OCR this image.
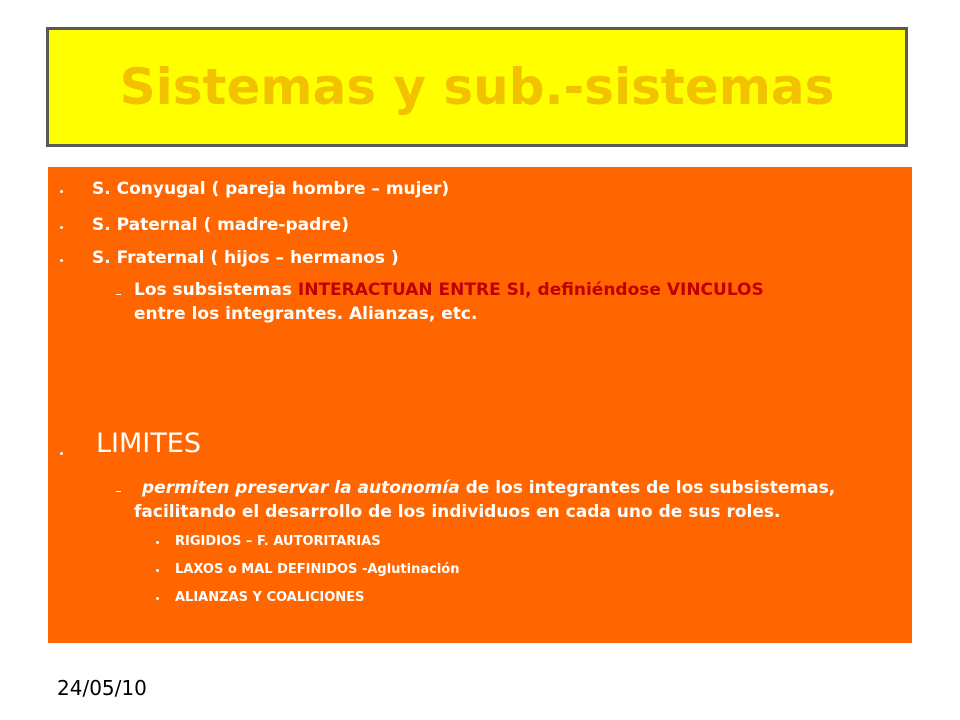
Sistemas y sub.-sistemas
S. Conyugal ( pareja hombre – mujer)
S. Paternal ( madre-padre)
S. Fraternal ( hijos – hermanos )
Los subsistemas INTERACTUAN ENTRE SI, definiéndose VINCULOS
entre los integrantes. Alianzas, etc.
LIMITES
permiten preservar la autonomía de los integrantes de los subsistemas,
facilitando el desarrollo de los individuos en cada uno de sus roles.
RIGIDIOS – F. AUTORITARIAS
LAXOS o MAL DEFINIDOS -Aglutinación
ALIANZAS Y COALICIONES
24/05/10
